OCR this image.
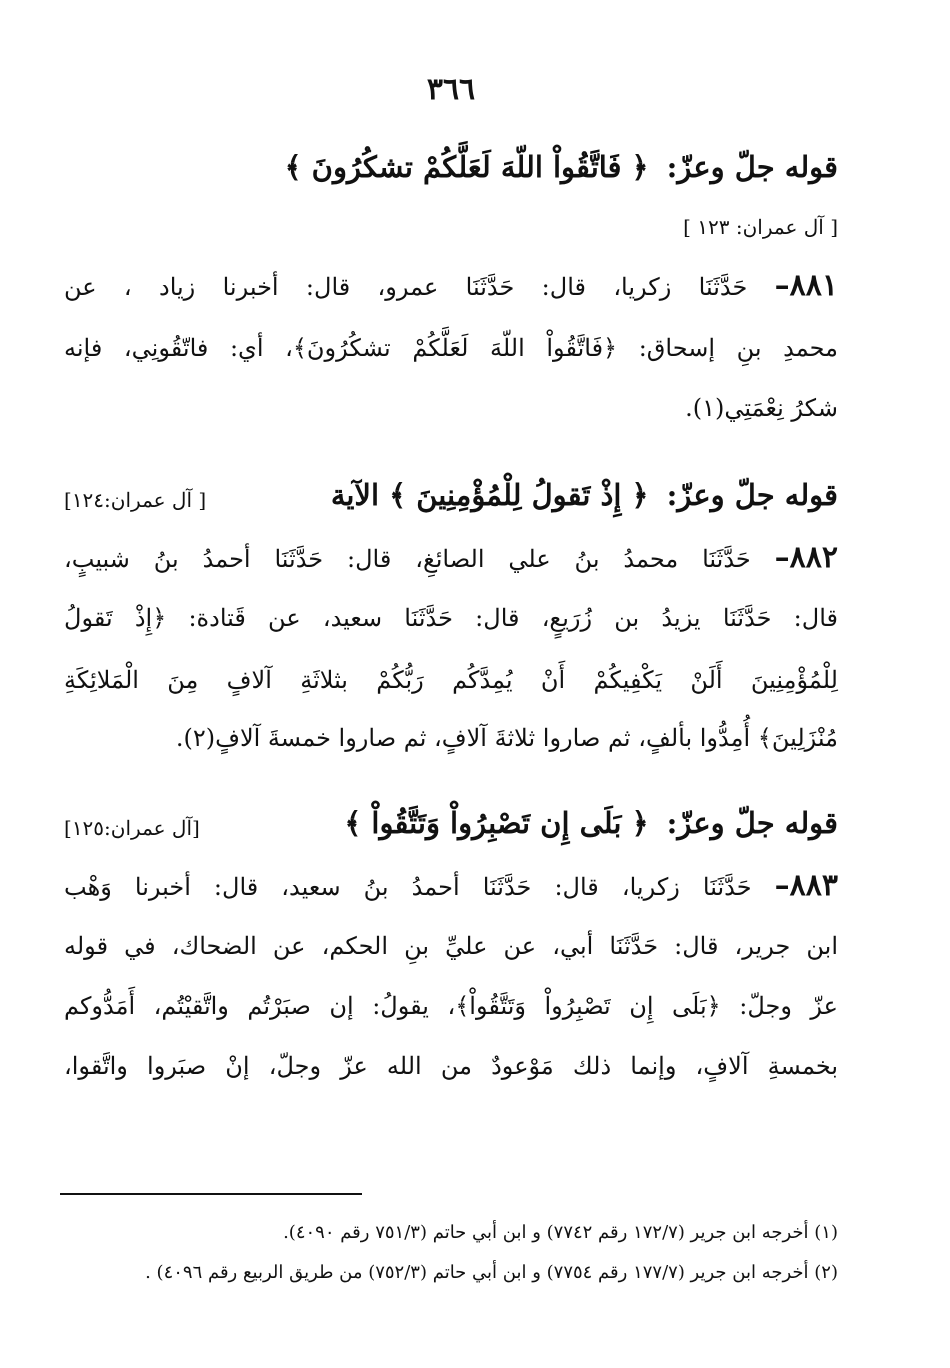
٣٦٦
قوله جلّ وعزّ: ﴿ فَاتَّقُواْ اللّهَ لَعَلَّكُمْ تشكُرُونَ ﴾
[ آل عمران: ١٢٣ ]
٨٨١– حَدَّثَنَا زكريا، قال: حَدَّثَنَا عمرو، قال: أخبرنا زياد ، عن
محمدِ بنِ إسحاق: ﴿فَاتَّقُواْ اللّهَ لَعَلَّكُمْ تشكُرُونَ﴾، أي: فاتّقُونِي، فإنه
شكرُ نِعْمَتِي(١).
قوله جلّ وعزّ: ﴿ إِذْ تَقولُ لِلْمُؤْمِنِينَ ﴾ الآية
[ آل عمران:١٢٤]
٨٨٢– حَدَّثَنَا محمدُ بنُ علي الصائغِ، قال: حَدَّثَنَا أحمدُ بنُ شبيبٍ،
قال: حَدَّثَنَا يزيدُ بن زُرَيعٍ، قال: حَدَّثَنَا سعيد، عن قَتادة: ﴿إِذْ تَقولُ
لِلْمُؤْمِنِينَ أَلَنْ يَكْفِيكُمْ أَنْ يُمِدَّكُم رَبُّكُمْ بثلاثَةِ آلافٍ مِنَ الْمَلائِكَةِ
مُنْزَلِينَ﴾ أُمِدُّوا بألفٍ، ثم صاروا ثلاثةَ آلافٍ، ثم صاروا خمسةَ آلافٍ(٢).
قوله جلّ وعزّ: ﴿ بَلَى إِن تَصْبِرُواْ وَتَتَّقُواْ ﴾
[آل عمران:١٢٥]
٨٨٣– حَدَّثَنَا زكريا، قال: حَدَّثَنَا أحمدُ بنُ سعيد، قال: أخبرنا وَهْب
ابن جرير، قال: حَدَّثَنَا أبي، عن عليِّ بنِ الحكم، عن الضحاك، في قوله
عزّ وجلّ: ﴿بَلَى إِن تَصْبِرُواْ وَتَتَّقُواْ﴾، يقولُ: إن صبَرْتُم واتَّقيْتُم، أَمَدُّوكم
بخمسةِ آلافٍ، وإنما ذلك مَوْعودٌ من الله عزّ وجلّ، إنْ صبَروا واتَّقوا،
(١) أخرجه ابن جرير (١٧٢/٧ رقم ٧٧٤٢) و ابن أبي حاتم (٧٥١/٣ رقم ٤٠٩٠).
(٢) أخرجه ابن جرير (١٧٧/٧ رقم ٧٧٥٤) و ابن أبي حاتم (٧٥٢/٣) من طريق الربيع رقم ٤٠٩٦) .
